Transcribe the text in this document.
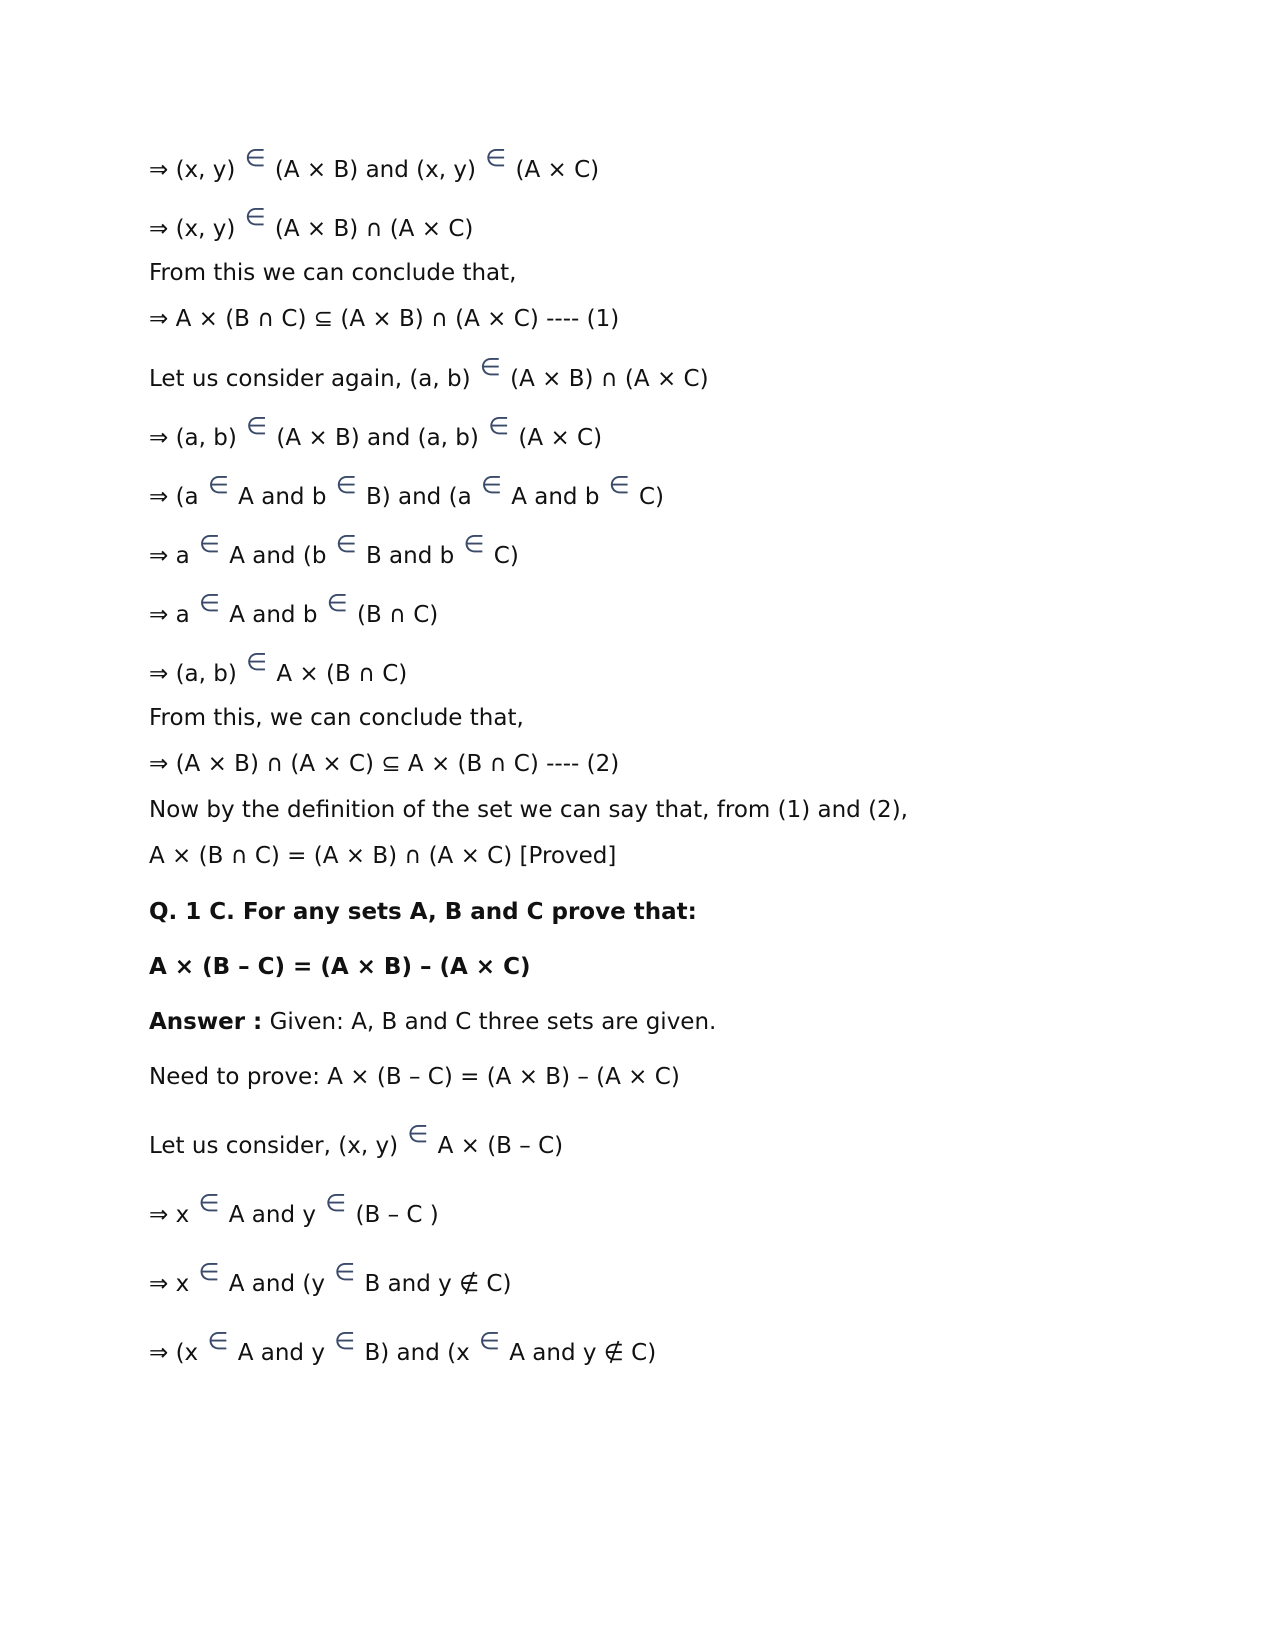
⇒ (x, y) ∈ (A × B) and (x, y) ∈ (A × C)
⇒ (x, y) ∈ (A × B) ∩ (A × C)
From this we can conclude that,
⇒ A × (B ∩ C) ⊆ (A × B) ∩ (A × C) ---- (1)
Let us consider again, (a, b) ∈ (A × B) ∩ (A × C)
⇒ (a, b) ∈ (A × B) and (a, b) ∈ (A × C)
⇒ (a ∈ A and b ∈ B) and (a ∈ A and b ∈ C)
⇒ a ∈ A and (b ∈ B and b ∈ C)
⇒ a ∈ A and b ∈ (B ∩ C)
⇒ (a, b) ∈ A × (B ∩ C)
From this, we can conclude that,
⇒ (A × B) ∩ (A × C) ⊆ A × (B ∩ C) ---- (2)
Now by the definition of the set we can say that, from (1) and (2),
A × (B ∩ C) = (A × B) ∩ (A × C) [Proved]
Q. 1 C. For any sets A, B and C prove that:
A × (B – C) = (A × B) – (A × C)
Answer : Given: A, B and C three sets are given.
Need to prove: A × (B – C) = (A × B) – (A × C)
Let us consider, (x, y) ∈ A × (B – C)
⇒ x ∈ A and y ∈ (B – C )
⇒ x ∈ A and (y ∈ B and y ∉ C)
⇒ (x ∈ A and y ∈ B) and (x ∈ A and y ∉ C)
